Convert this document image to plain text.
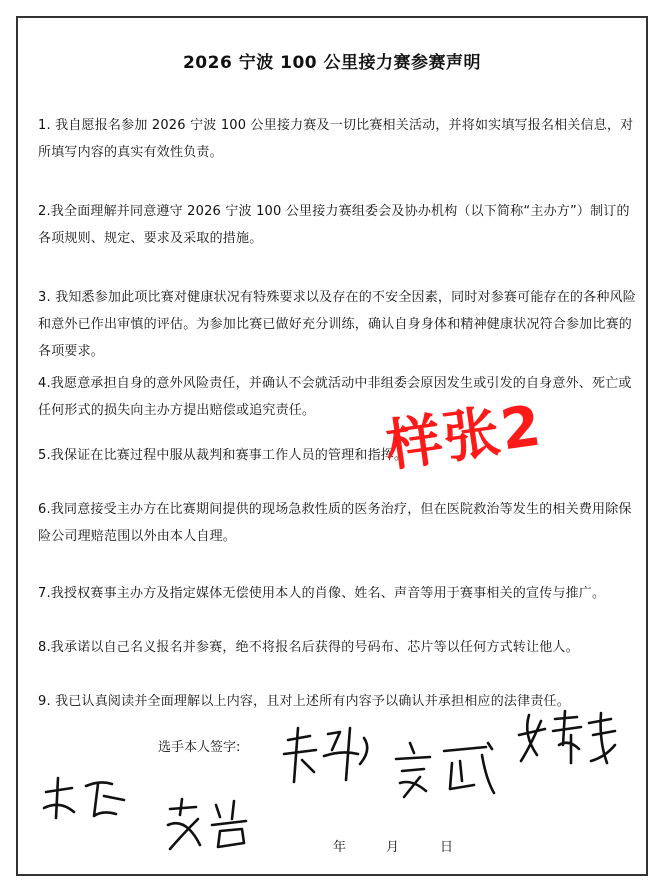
2026 宁波 100 公里接力赛参赛声明
1. 我自愿报名参加 2026 宁波 100 公里接力赛及一切比赛相关活动，并将如实填写报名相关信息，对所填写内容的真实有效性负责。
2.我全面理解并同意遵守 2026 宁波 100 公里接力赛组委会及协办机构（以下简称“主办方”）制订的各项规则、规定、要求及采取的措施。
3. 我知悉参加此项比赛对健康状况有特殊要求以及存在的不安全因素，同时对参赛可能存在的各种风险和意外已作出审慎的评估。为参加比赛已做好充分训练，确认自身身体和精神健康状况符合参加比赛的各项要求。
4.我愿意承担自身的意外风险责任，并确认不会就活动中非组委会原因发生或引发的自身意外、死亡或任何形式的损失向主办方提出赔偿或追究责任。
5.我保证在比赛过程中服从裁判和赛事工作人员的管理和指挥。
6.我同意接受主办方在比赛期间提供的现场急救性质的医务治疗，但在医院救治等发生的相关费用除保险公司理赔范围以外由本人自理。
7.我授权赛事主办方及指定媒体无偿使用本人的肖像、姓名、声音等用于赛事相关的宣传与推广。
8.我承诺以自己名义报名并参赛，绝不将报名后获得的号码布、芯片等以任何方式转让他人。
9. 我已认真阅读并全面理解以上内容，且对上述所有内容予以确认并承担相应的法律责任。
选手本人签字:
年	月	日
样张2
